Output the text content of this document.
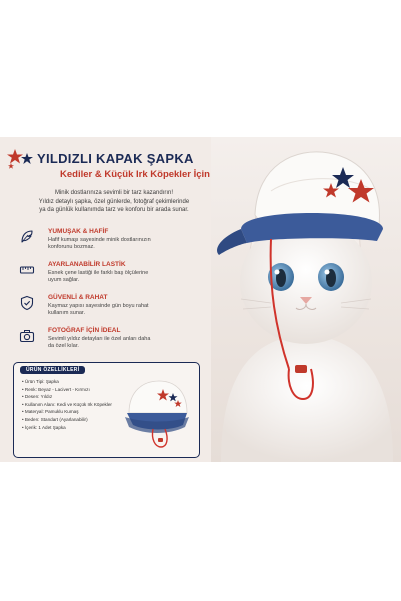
YILDIZLI KAPAK ŞAPKA
Kediler & Küçük Irk Köpekler İçin

Minik dostlarınıza sevimli bir tarz kazandırın!

Yıldız detaylı şapka, özel günlerde, fotoğraf çekimlerinde

ya da günlük kullanımda tarz ve konforu bir arada sunar.

YUMUŞAK & HAFİF

Hafif kumaşı sayesinde minik dostlarınızın konforunu bozmaz.

AYARLANABİLİR LASTİK

Esnek çene lastiği ile farklı baş ölçülerine uyum sağlar.

GÜVENLİ & RAHAT

Kaymaz yapısı sayesinde gün boyu rahat kullanım sunar.

FOTOĞRAF İÇİN İDEAL

Sevimli yıldız detayları ile özel anları daha da özel kılar.

ÜRÜN ÖZELLİKLERİ
• Ürün Tipi: Şapka
• Renk: Beyaz - Lacivert - Kırmızı
• Desen: Yıldız
• Kullanım Alanı: Kedi ve Küçük Irk Köpekler
• Materyal: Pamuklu Kumaş
• Beden: Standart (Ayarlanabilir)
• İçerik: 1 Adet Şapka
